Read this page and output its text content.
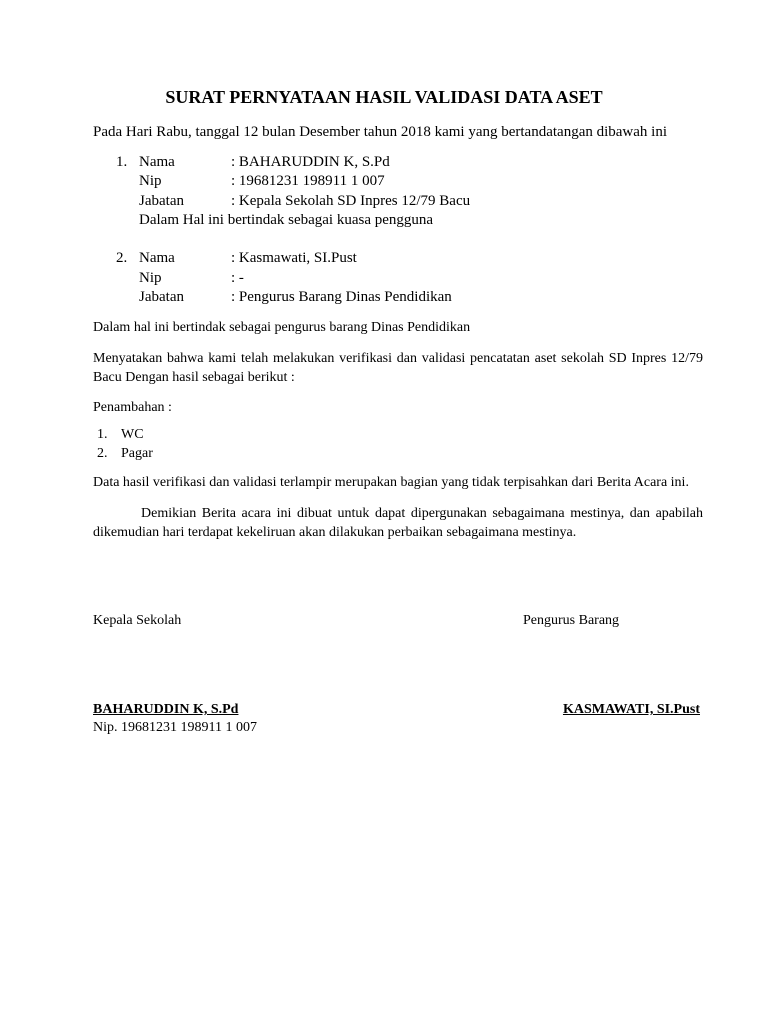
SURAT PERNYATAAN HASIL VALIDASI DATA ASET
Pada Hari Rabu, tanggal 12 bulan Desember tahun 2018 kami yang bertandatangan dibawah ini
1. Nama	: BAHARUDDIN K, S.Pd
Nip	: 19681231 198911 1 007
Jabatan	: Kepala Sekolah SD Inpres 12/79 Bacu
Dalam Hal ini bertindak sebagai kuasa pengguna
2. Nama	: Kasmawati, SI.Pust
Nip	: -
Jabatan	: Pengurus Barang Dinas Pendidikan
Dalam hal ini bertindak sebagai pengurus barang Dinas Pendidikan
Menyatakan bahwa kami telah melakukan verifikasi dan validasi pencatatan aset sekolah SD Inpres 12/79
Bacu Dengan hasil sebagai berikut :
Penambahan :
1. WC
2. Pagar
Data hasil verifikasi dan validasi terlampir merupakan bagian yang tidak terpisahkan dari Berita Acara ini.
Demikian Berita acara ini dibuat untuk dapat dipergunakan sebagaimana mestinya, dan apabilah
dikemudian hari terdapat kekeliruan akan dilakukan perbaikan sebagaimana mestinya.
Kepala Sekolah	Pengurus Barang
BAHARUDDIN K, S.Pd	KASMAWATI, SI.Pust
Nip. 19681231 198911 1 007
